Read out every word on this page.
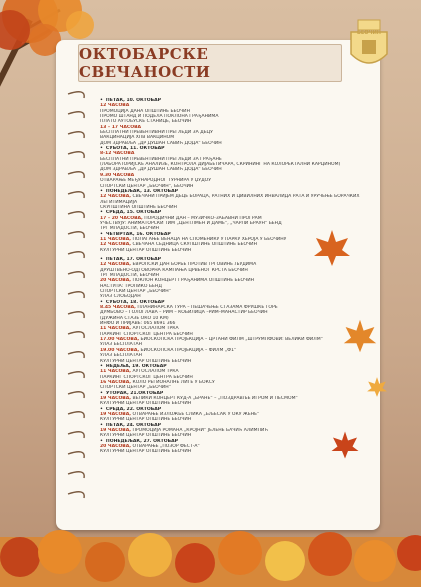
ОКТОБАРСКЕ СВЕЧАНОСТИ
БЕОЧИН
• ПЕТАК, 10. ОКТОБАР
12 ЧАСОВА
ПРОМОЦИЈА ДАНА ОПШТИНЕ БЕОЧИН
ПРОМО ШТАНД И ПОДЕЛА ПОКЛОНА ГРАЂАНИМА
ПЛАТО АУТОБУСКЕ СТАНИЦЕ, БЕОЧИН
13 – 17 ЧАСОВА
БЕСПЛАТНИ ПРЕВЕНТИВНИ ПРЕГЛЕДИ ЗА ДЕЦУ
ВАКЦИНАЦИЈА ХПВ ВАКЦИНОМ
ДОМ ЗДРАВЉА „ДР ДУШАН САВИЋ ДОДА“ БЕОЧИН
• СУБОТА, 11. ОКТОБАР
8-12 ЧАСОВА
БЕСПЛАТНИ ПРЕВЕНТИВНИ ПРЕГЛЕДИ ЗА ГРАЂАНЕ
(ЛАБОРАТОРИЈСКЕ АНАЛИЗЕ, КОНТРОЛА ДИЈАБЕТИЧАРА, СКРИНИНГ НА КОЛОРЕКТАЛНИ КАРЦИНОМ)
ДОМ ЗДРАВЉА „ДР ДУШАН САВИЋ ДОДА“ БЕОЧИН
9.30 ЧАСОВА
ОТВАРАЊЕ МЕЂУНАРОДНОГ ТУРНИРА У ЏУДОУ
СПОРТСКИ ЦЕНТАР „БЕОЧИН“, БЕОЧИН
• ПОНЕДЕЉАК, 13. ОКТОБАР
12 ЧАСОВА, СВЕЧАНИ ПРИЈЕМ ДЕЦЕ БОРАЦА, РАТНИХ И ЦИВИЛНИХ ИНВАЛИДА РАТА И УРУЧЕЊЕ БОРАЧКИХ
ЛЕГИТИМАЦИЈА
СКУПШТИНА ОПШТИНЕ БЕОЧИН
• СРЕДА, 15. ОКТОБАР
17 – 20 ЧАСОВА, ПОРОДИЧНИ ДАН – МУЗИЧКО-ЗАБАВНИ ПРОГРАМ
УЧЕСТВУЈУ: АНИМАТОРСКИ ТИМ „ЦЕНТЛМЕН И ДАМЕ“, „ЧАРЛИ БРАУН“ БЕНД
ТРГ МЛАДОСТИ, БЕОЧИН
• ЧЕТВРТАК, 16. ОКТОБАР
11 ЧАСОВА, ПОЛАГАЊЕ ВЕНАЦА НА СПОМЕНИКУ У ПАРКУ ХЕРОЈА У БЕОЧИНУ
12 ЧАСОВА, СВЕЧАНА СЕДНИЦА СКУПШТИНЕ ОПШТИНЕ БЕОЧИН
КУЛТУРНИ ЦЕНТАР ОПШТИНЕ БЕОЧИН
• ПЕТАК, 17. ОКТОБАР
12 ЧАСОВА, ЕВРОПСКИ ДАН БОРБЕ ПРОТИВ ТРГОВИНЕ ЉУДИМА
ДРУШТВЕНО-ОДГОВОРНА КАМПАЊА ЦРВЕНОГ КРСТА БЕОЧИН
ТРГ МЛАДОСТИ, БЕОЧИН
20 ЧАСОВА, ПОКЛОН КОНЦЕРТ ГРАЂАНИМА ОПШТИНЕ БЕОЧИН
НАСТУПА: ТРОПИКО БЕНД
СПОРТСКИ ЦЕНТАР „БЕОЧИН“
УЛАЗ СЛОБОДАН
• СУБОТА, 18. ОКТОБАР
8.45 ЧАСОВА, ПЛАНИНАРСКА ТУРА – ПЕШАЧЕЊЕ СТАЗАМА ФРУШКЕ ГОРЕ
ДУМБОВО – ГОЛОГЛАВА – РИМ – КОБИЛИЦА –РИМ–МАНАСТИР БЕОЧИН
(ДУЖИНА СТАЗЕ ОКО 10 КМ)
ИНФО И ПРИЈАВЕ: 065 8691 366
11 ЧАСОВА, АУТОСЛАЛОМ ТРКА
ПАРКИНГ СПОРТСКОГ ЦЕНТРА БЕОЧИН
17.00 ЧАСОВА, БИОСКОПСКА ПРОЈЕКЦИЈА – ЦРТАНИ ФИЛМ „ШТРУМПФОВИ: ВЕЛИКИ ФИЛМ“
УЛАЗ БЕСПЛАТАН
19.00 ЧАСОВА, БИОСКОПСКА ПРОЈЕКЦИЈА – ФИЛМ „Ф1“
УЛАЗ БЕСПЛАТАН
КУЛТУРНИ ЦЕНТАР ОПШТИНЕ БЕОЧИН
• НЕДЕЉА, 19. ОКТОБАР
11 ЧАСОВА, АУТОСЛАЛОМ ТРКА
ПАРКИНГ СПОРТСКОГ ЦЕНТРА БЕОЧИН
16 ЧАСОВА, КОЛО РЕГИОНАЛНЕ ЛИГЕ У БОКСУ
СПОРТСКИ ЦЕНТАР „БЕОЧИН“
• УТОРАК, 21.ОКТОБАР
19 ЧАСОВА, ВЕЛИКИ КОНЦЕРТ КУД-А „БРАНЕ“ – „ПОЗДРАВЉЕ ИГРОМ И ПЕСМОМ“
КУЛТУРНИ ЦЕНТАР ОПШТИНЕ БЕОЧИН
• СРЕДА, 22. ОКТОБАР
19 ЧАСОВА, ОТВАРАЊЕ ИЗЛОЖБЕ СЛИКА „БЉЕСАК У ОКУ ЖЕНЕ“
КУЛТУРНИ ЦЕНТАР ОПШТИНЕ БЕОЧИН
• ПЕТАК, 24. ОКТОБАР
19 ЧАСОВА, ПРОМОЦИЈА РОМАНА „КРОЈНИ“ ЈЕЛЕНЕ БАЧИЋ АЛИМПИЋ
КУЛТУРНИ ЦЕНТАР ОПШТИНЕ БЕОЧИН
• ПОНЕДЕЉАК, 27. ОКТОБАР
20 ЧАСОВА, ОТВАРАЊЕ „ПОЗОР ФЕСТ-А“
КУЛТУРНИ ЦЕНТАР ОПШТИНЕ БЕОЧИН
